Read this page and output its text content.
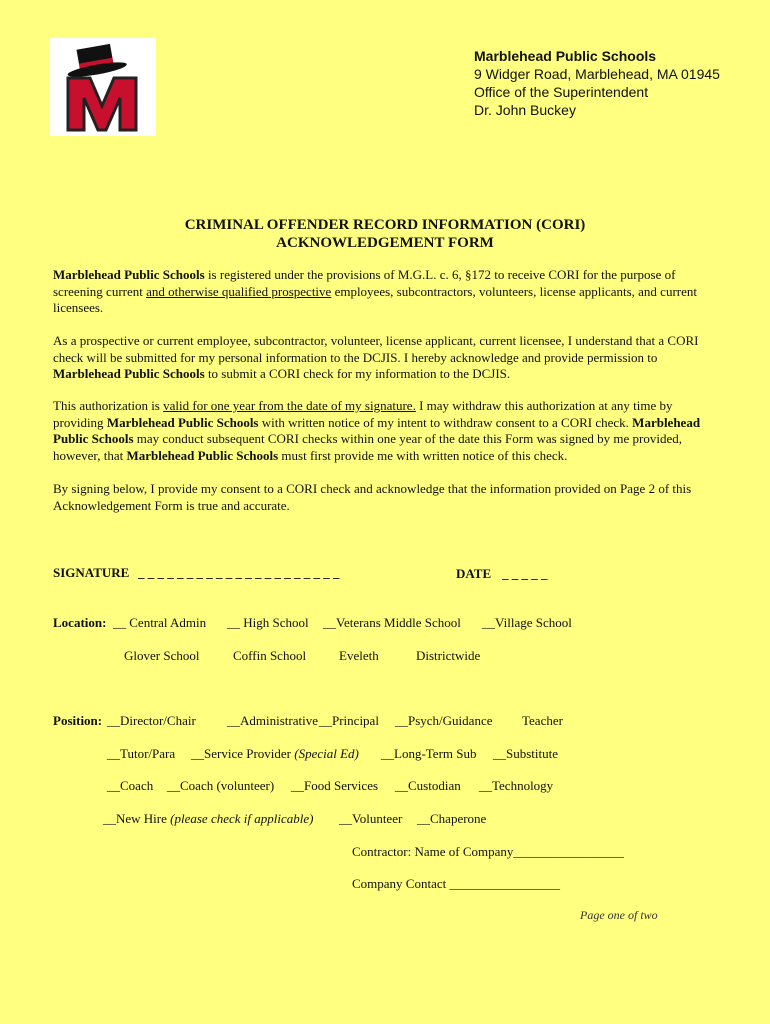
Marblehead Public Schools
9 Widger Road, Marblehead, MA 01945
Office of the Superintendent
Dr. John Buckey
CRIMINAL OFFENDER RECORD INFORMATION (CORI)
ACKNOWLEDGEMENT FORM
Marblehead Public Schools is registered under the provisions of M.G.L. c. 6, §172 to receive CORI for the purpose of screening current and otherwise qualified prospective employees, subcontractors, volunteers, license applicants, and current licensees.
As a prospective or current employee, subcontractor, volunteer, license applicant, current licensee, I understand that a CORI check will be submitted for my personal information to the DCJIS. I hereby acknowledge and provide permission to Marblehead Public Schools to submit a CORI check for my information to the DCJIS.
This authorization is valid for one year from the date of my signature. I may withdraw this authorization at any time by providing Marblehead Public Schools with written notice of my intent to withdraw consent to a CORI check. Marblehead Public Schools may conduct subsequent CORI checks within one year of the date this Form was signed by me provided, however, that Marblehead Public Schools must first provide me with written notice of this check.
By signing below, I provide my consent to a CORI check and acknowledge that the information provided on Page 2 of this Acknowledgement Form is true and accurate.
SIGNATURE _ _ _ _ _ _ _ _ _ _ _ _ _ _ _ _ _ _ _ _ _	DATE _ _ _ _ _
Location: __ Central Admin __ High School __Veterans Middle School __Village School
Glover School	Coffin School	Eveleth	Districtwide
Position: __Director/Chair __Administrative __Principal __Psych/Guidance Teacher
__Tutor/Para __Service Provider (Special Ed) __Long-Term Sub __Substitute
__Coach __Coach (volunteer) __Food Services __Custodian __Technology
__New Hire (please check if applicable) __Volunteer __Chaperone
Contractor: Name of Company_________________
Company Contact _________________
Page one of two
